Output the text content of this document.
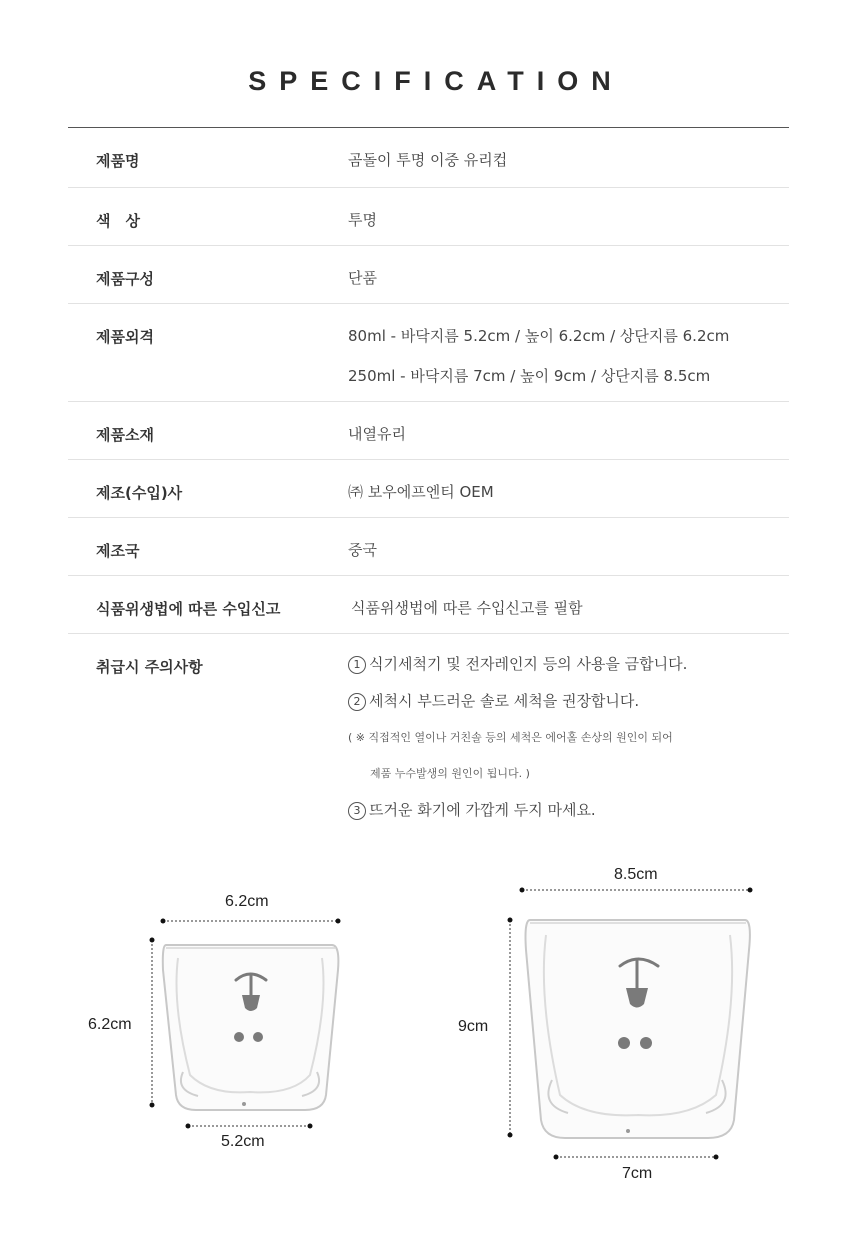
SPECIFICATION
제품명	곰돌이 투명 이중 유리컵
색　상	투명
제품구성	단품
제품외격	80ml - 바닥지름 5.2cm / 높이 6.2cm / 상단지름 6.2cm
250ml - 바닥지름 7cm / 높이 9cm / 상단지름 8.5cm
제품소재	내열유리
제조(수입)사	㈜ 보우에프엔티 OEM
제조국	중국
식품위생법에 따른 수입신고	식품위생법에 따른 수입신고를 필함
취급시 주의사항	1 식기세척기 및 전자레인지 등의 사용을 금합니다.
2 세척시 부드러운 솔로 세척을 권장합니다.
( ※ 직접적인 열이나 거친솔 등의 세척은 에어홀 손상의 원인이 되어
제품 누수발생의 원인이 됩니다. )
3 뜨거운 화기에 가깝게 두지 마세요.
6.2cm
6.2cm
5.2cm
8.5cm
9cm
7cm
